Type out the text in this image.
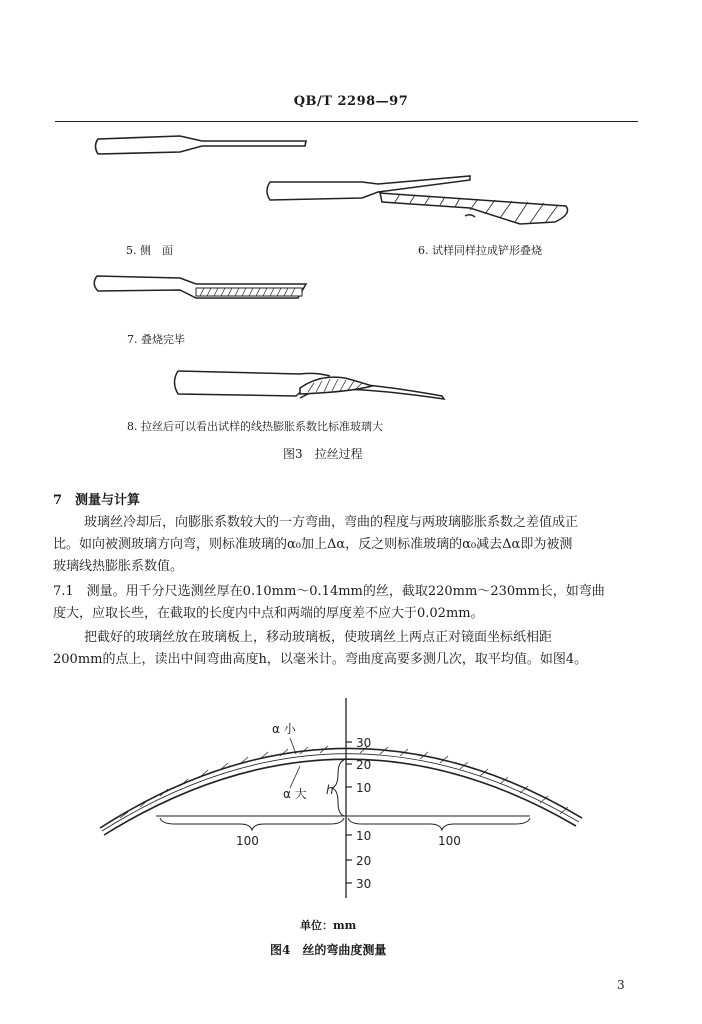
QB/T 2298—97
5. 侧　面	6. 试样同样拉成铲形叠烧
7. 叠烧完毕
8. 拉丝后可以看出试样的线热膨胀系数比标准玻璃大
图3　拉丝过程
7　测量与计算
玻璃丝冷却后，向膨胀系数较大的一方弯曲，弯曲的程度与两玻璃膨胀系数之差值成正
比。如向被测玻璃方向弯，则标准玻璃的α₀加上Δα，反之则标准玻璃的α₀减去Δα即为被测
玻璃线热膨胀系数值。
7.1　测量。用千分尺选测丝厚在0.10mm～0.14mm的丝，截取220mm～230mm长，如弯曲
度大，应取长些，在截取的长度内中点和两端的厚度差不应大于0.02mm。
把截好的玻璃丝放在玻璃板上，移动玻璃板，使玻璃丝上两点正对镜面坐标纸相距
200mm的点上，读出中间弯曲高度h，以毫米计。弯曲度高要多测几次，取平均值。如图4。
α 小
α 大 h
30
20
10
10
20
30
100	100
单位：mm
图4　丝的弯曲度测量
3
